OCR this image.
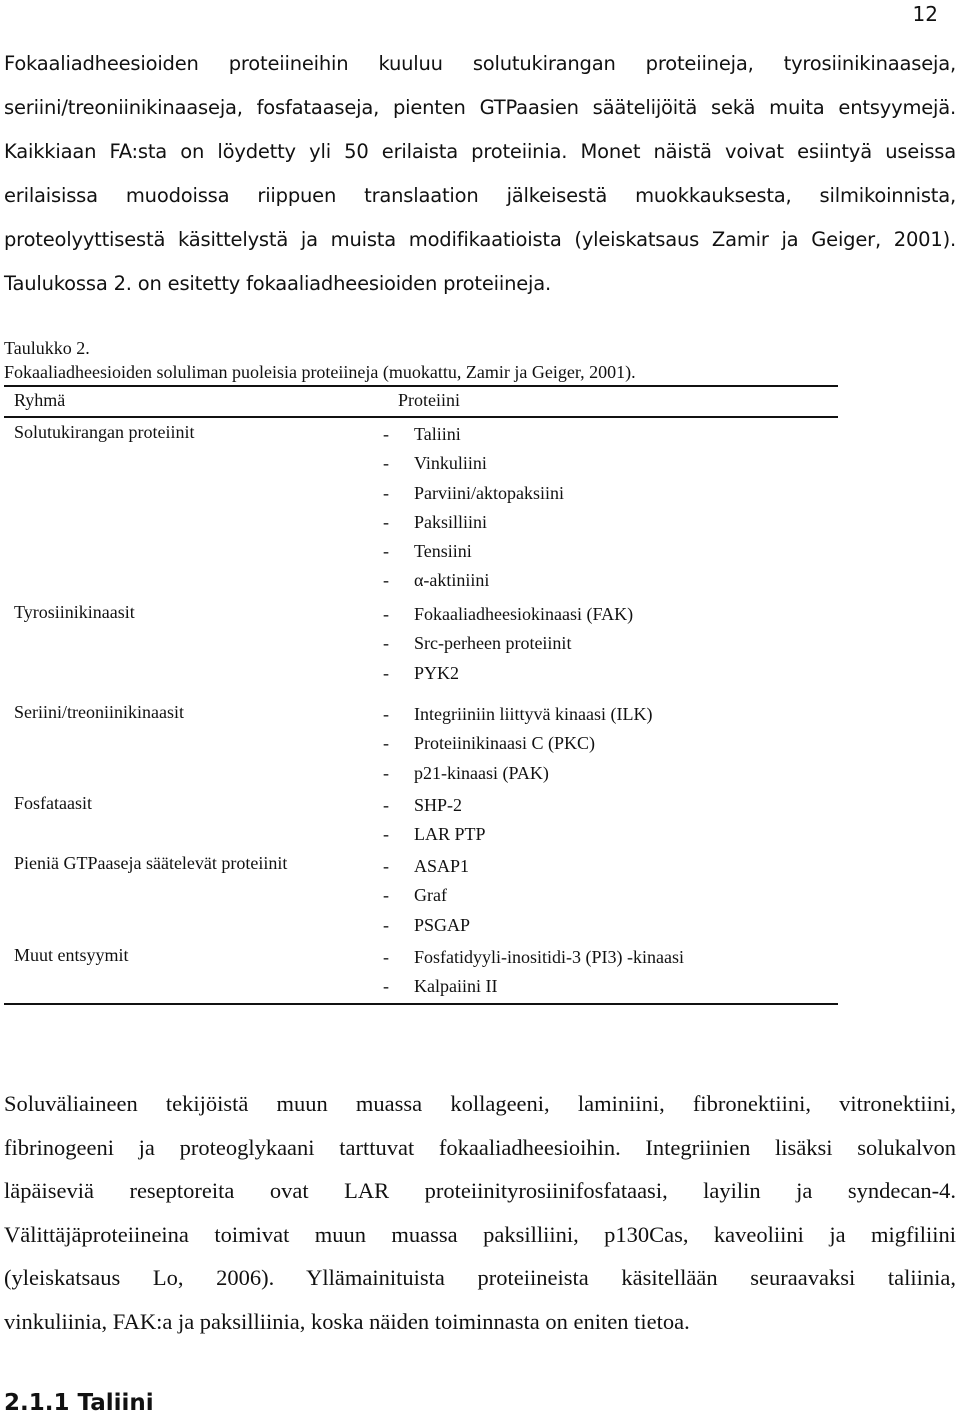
12

Fokaaliadheesioiden proteiineihin kuuluu solutukirangan proteiineja, tyrosiinikinaaseja,
seriini/treoniinikinaaseja, fosfataaseja, pienten GTPaasien säätelijöitä sekä muita entsyymejä.
Kaikkiaan FA:sta on löydetty yli 50 erilaista proteiinia. Monet näistä voivat esiintyä useissa
erilaisissa muodoissa riippuen translaation jälkeisestä muokkauksesta, silmikoinnista,
proteolyyttisestä käsittelystä ja muista modifikaatioista (yleiskatsaus Zamir ja Geiger, 2001).
Taulukossa 2. on esitetty fokaaliadheesioiden proteiineja.

Taulukko 2.

Fokaaliadheesioiden soluliman puoleisia proteiineja (muokattu, Zamir ja Geiger, 2001).

Ryhmä	Proteiini

Solutukirangan proteiinit	- Taliini
- Vinkuliini
- Parviini/aktopaksiini
- Paksilliini
- Tensiini
- α-aktiniini
Tyrosiinikinaasit	- Fokaaliadheesiokinaasi (FAK)
- Src-perheen proteiinit
- PYK2
Seriini/treoniinikinaasit	- Integriiniin liittyvä kinaasi (ILK)
- Proteiinikinaasi C (PKC)
- p21-kinaasi (PAK)
Fosfataasit	- SHP-2
- LAR PTP
Pieniä GTPaaseja säätelevät proteiinit	- ASAP1
- Graf
- PSGAP
Muut entsyymit	- Fosfatidyyli-inositidi-3 (PI3) -kinaasi
- Kalpaiini II

Soluväliaineen tekijöistä muun muassa kollageeni, laminiini, fibronektiini, vitronektiini,
fibrinogeeni ja proteoglykaani tarttuvat fokaaliadheesioihin. Integriinien lisäksi solukalvon
läpäiseviä reseptoreita ovat LAR proteiinityrosiinifosfataasi, layilin ja syndecan-4.
Välittäjäproteiineina toimivat muun muassa paksilliini, p130Cas, kaveoliini ja migfiliini
(yleiskatsaus Lo, 2006). Yllämainituista proteiineista käsitellään seuraavaksi taliinia,
vinkuliinia, FAK:a ja paksilliinia, koska näiden toiminnasta on eniten tietoa.

2.1.1 Taliini
